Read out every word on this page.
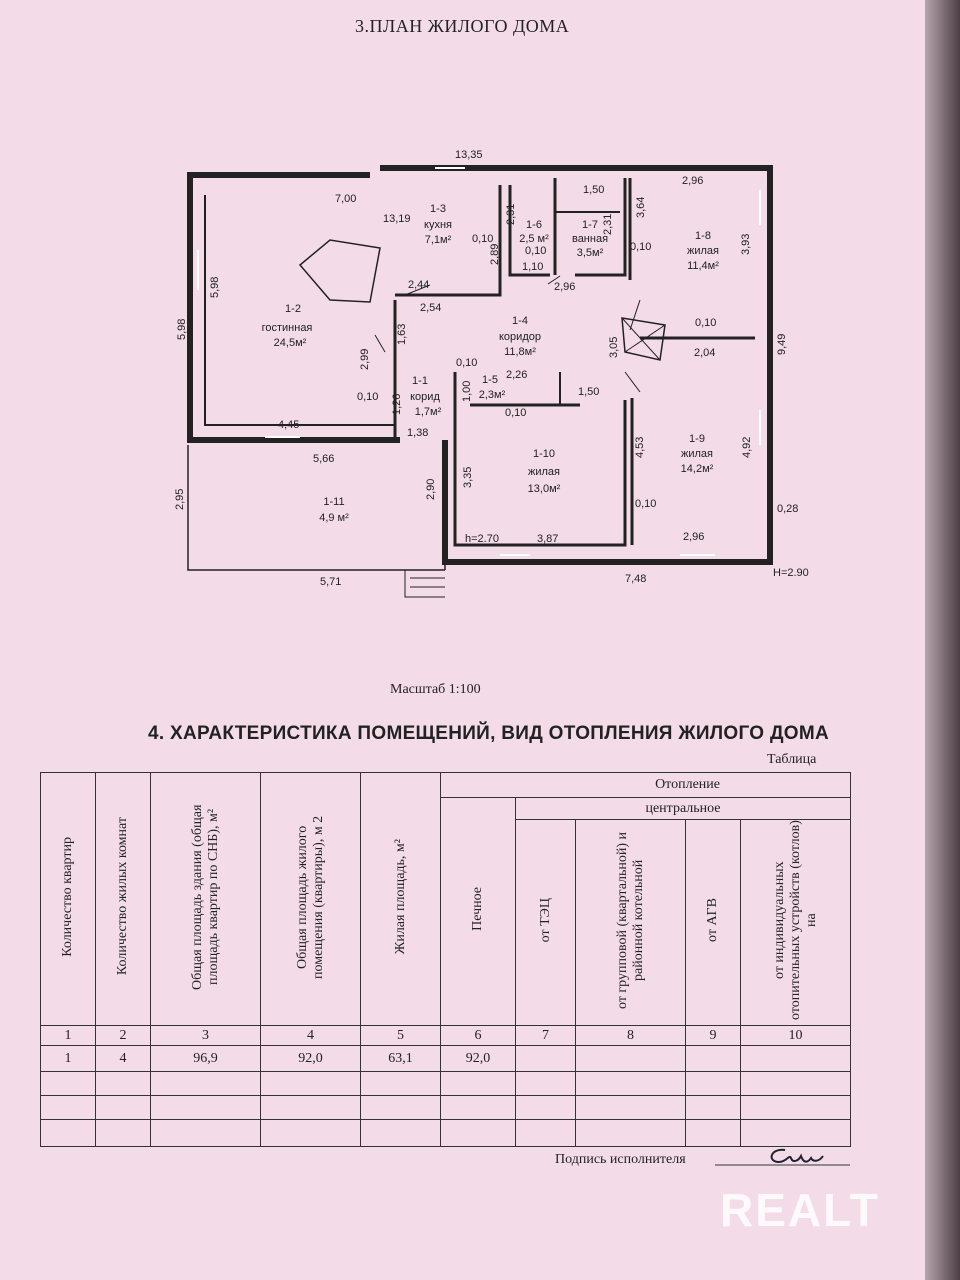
3.ПЛАН ЖИЛОГО ДОМА
1-2
гостинная
24,5м²
1-3
кухня
7,1м²
1-6
2,5 м²
1-7
ванная
3,5м²
1-8
жилая
11,4м²
1-4
коридор
11,8м²
1-1
корид
1,7м²
1-5
2,3м²
1-10
жилая
13,0м²
1-9
жилая
14,2м²
1-11
4,9 м²
13,35
7,00
13,19
2,96
1,50
2,31	2,31
3,64
3,93
5,98
5,98
0,10
0,10	0,10
0,10
2,89
1,10
2,96
2,44
2,54
1,63
2,99
0,10
0,10
2,26
1,50
1,00
0,10
1,26
1,38
3,05	2,04	9,49
4,45
5,66
2,95	2,90
3,35
4,53	4,92
0,10	0,28
h=2.70	3,87	2,96
5,71	7,48	H=2.90
Масштаб 1:100
4. ХАРАКТЕРИСТИКА ПОМЕЩЕНИЙ, ВИД ОТОПЛЕНИЯ ЖИЛОГО ДОМА
Таблица
Количество квартир	Количество жилых комнат	Общая площадь здания (общая площадь квартир по СНБ), м²	Общая площадь жилого помещения (квартиры), м 2	Жилая площадь, м²	Отопление				
					Печное	центральное			
						от ТЭЦ	от групповой (квартальной) и районной котельной	от АГВ	от индивидуальных отопительных устройств (котлов) на
1	2	3	4	5	6	7	8	9	10
1	4	96,9	92,0	63,1	92,0				

Подпись исполнителя
REALT
